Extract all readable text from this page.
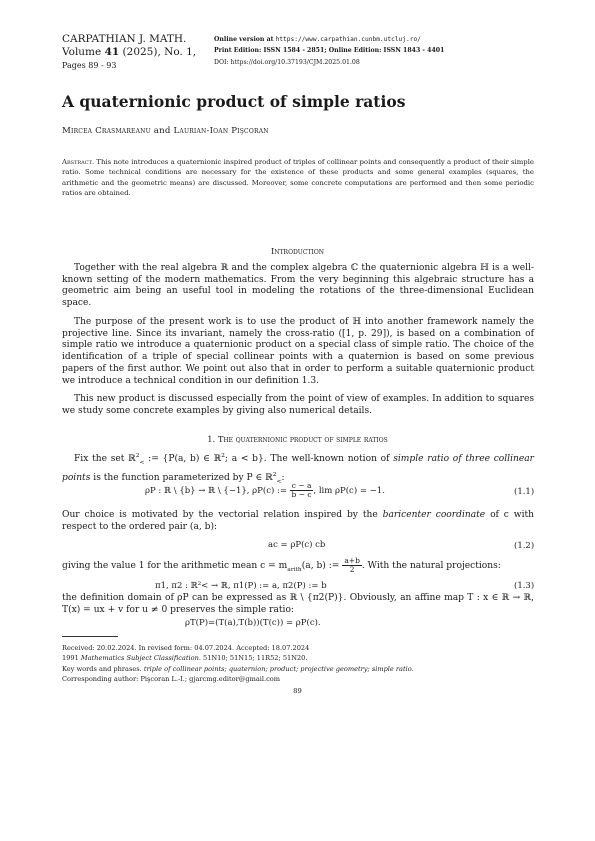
CARPATHIAN J. MATH.
Volume 41 (2025), No. 1,
Pages 89 - 93
Online version at https://www.carpathian.cunbm.utcluj.ro/
Print Edition: ISSN 1584 - 2851; Online Edition: ISSN 1843 - 4401
DOI: https://doi.org/10.37193/CJM.2025.01.08
A quaternionic product of simple ratios
Mircea Crasmareanu and Laurian-Ioan Pişcoran
Abstract. This note introduces a quaternionic inspired product of triples of collinear points and consequently a product of their simple ratio. Some technical conditions are necessary for the existence of these products and some general examples (squares, the arithmetic and the geometric means) are discussed. Moreover, some concrete computations are performed and then some periodic ratios are obtained.
Introduction
Together with the real algebra ℝ and the complex algebra ℂ the quaternionic algebra ℍ is a well-known setting of the modern mathematics. From the very beginning this algebraic structure has a geometric aim being an useful tool in modeling the rotations of the three-dimensional Euclidean space.
The purpose of the present work is to use the product of ℍ into another framework namely the projective line. Since its invariant, namely the cross-ratio ([1, p. 29]), is based on a combination of simple ratio we introduce a quaternionic product on a special class of simple ratio. The choice of the identification of a triple of special collinear points with a quaternion is based on some previous papers of the first author. We point out also that in order to perform a suitable quaternionic product we introduce a technical condition in our definition 1.3.
This new product is discussed especially from the point of view of examples. In addition to squares we study some concrete examples by giving also numerical details.
1. The quaternionic product of simple ratios
Fix the set ℝ$^2_<$ := {P(a, b) ∈ ℝ$^2$; a < b}. The well-known notion of simple ratio of three collinear points is the function parameterized by P ∈ ℝ$^2_<$:
ρP : ℝ \ {b} → ℝ \ {−1}, ρP(c) := $\frac{c - a}{b - c}$ , lim ρP(c) = −1.	(1.1)
Our choice is motivated by the vectorial relation inspired by the baricenter coordinate of c with respect to the ordered pair (a, b):
ac = ρP(c) cb	(1.2)
giving the value 1 for the arithmetic mean $c = m_{arith}(a$, b) := $\frac{a+b}{2}$ . With the natural projections:
π1, π2 : ℝ²< → ℝ, π1(P) := a, π2(P) := b	(1.3)
the definition domain of ρP can be expressed as ℝ \ {π2(P)}. Obviously, an affine map T : x ∈ ℝ → ℝ, T(x) = ux + v for u ≠ 0 preserves the simple ratio:
ρT(P)=(T(a),T(b))(T(c)) = ρP(c).
Received: 20.02.2024. In revised form: 04.07.2024. Accepted: 18.07.2024
1991 Mathematics Subject Classification. 51N10; 51N15; 11R52; 51N20.
Key words and phrases. triple of collinear points; quaternion; product; projective geometry; simple ratio.
Corresponding author: Pişcoran L.-I.; gjarcmg.editor@gmail.com
89
